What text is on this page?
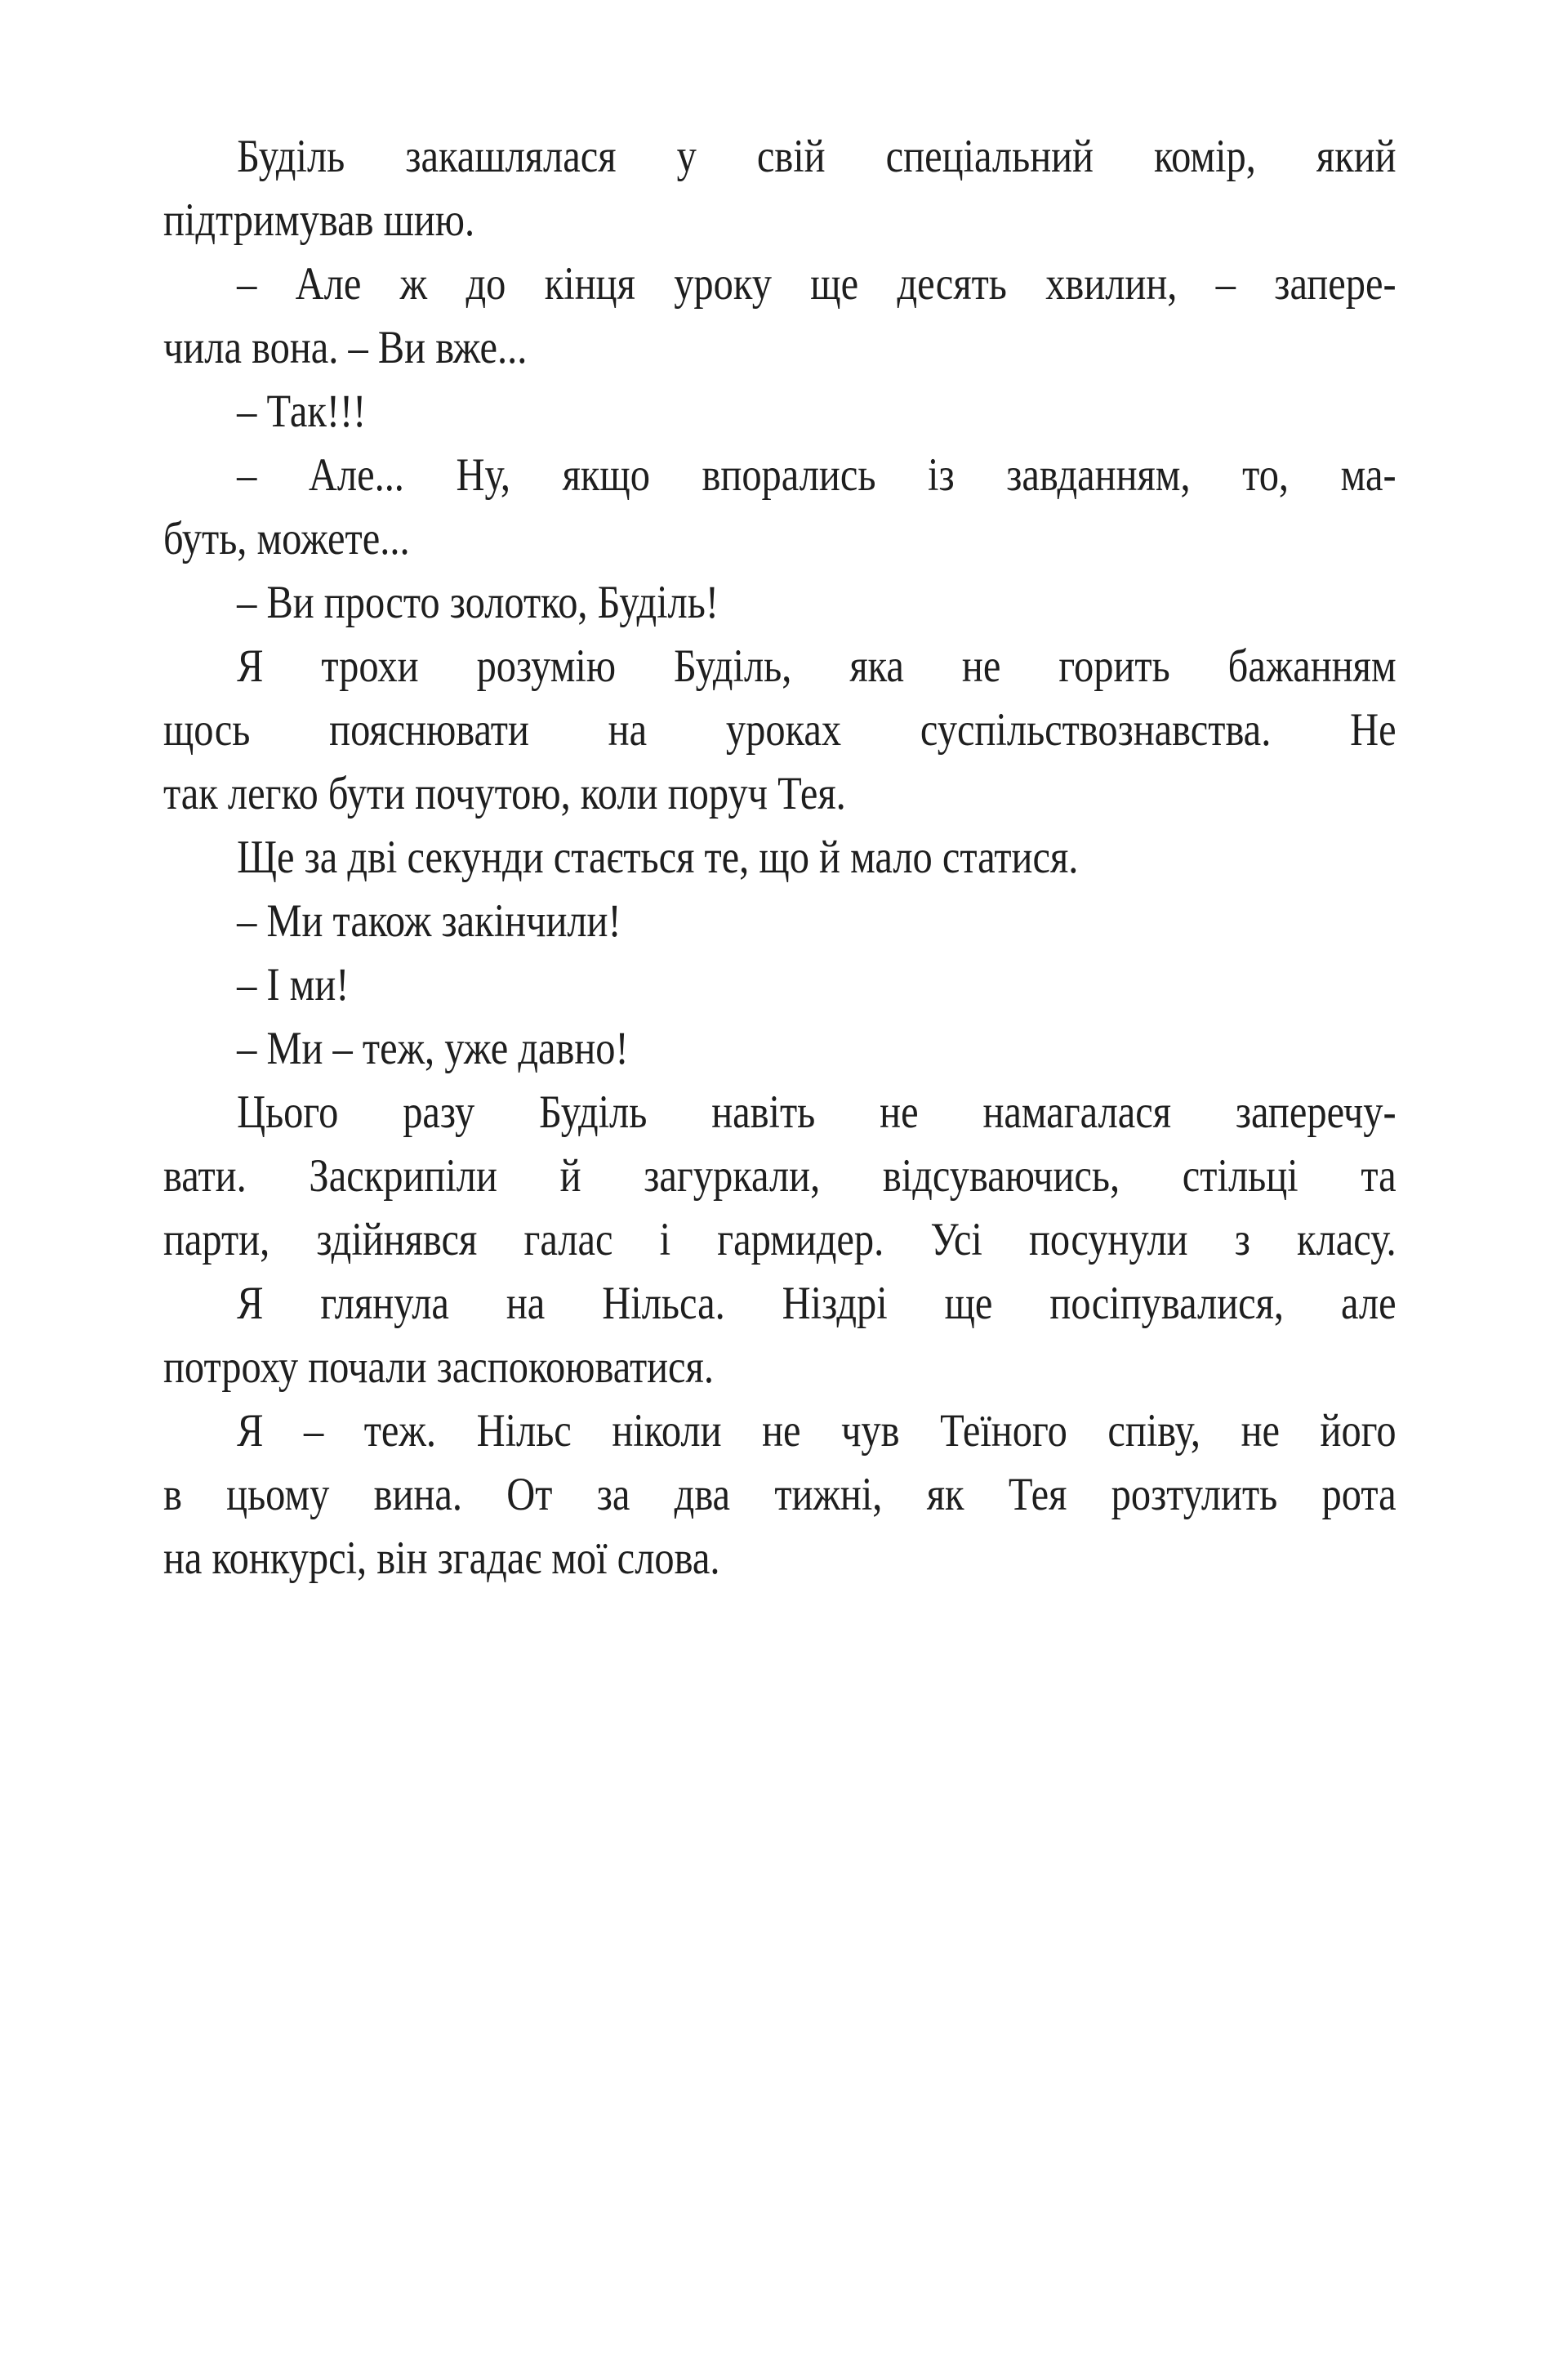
Буділь закашлялася у свій спеціальний комір, який
підтримував шию.
– Але ж до кінця уроку ще десять хвилин, – запере-
чила вона. – Ви вже...
– Так!!!
– Але... Ну, якщо впорались із завданням, то, ма-
буть, можете...
– Ви просто золотко, Буділь!
Я трохи розумію Буділь, яка не горить бажанням
щось пояснювати на уроках суспільствознавства. Не
так легко бути почутою, коли поруч Тея.
Ще за дві секунди стається те, що й мало статися.
– Ми також закінчили!
– І ми!
– Ми – теж, уже давно!
Цього разу Буділь навіть не намагалася заперечу-
вати. Заскрипіли й загуркали, відсуваючись, стільці та
парти, здійнявся галас і гармидер. Усі посунули з класу.
Я глянула на Нільса. Ніздрі ще посіпувалися, але
потроху почали заспокоюватися.
Я – теж. Нільс ніколи не чув Теїного співу, не його
в цьому вина. От за два тижні, як Тея розтулить рота
на конкурсі, він згадає мої слова.
